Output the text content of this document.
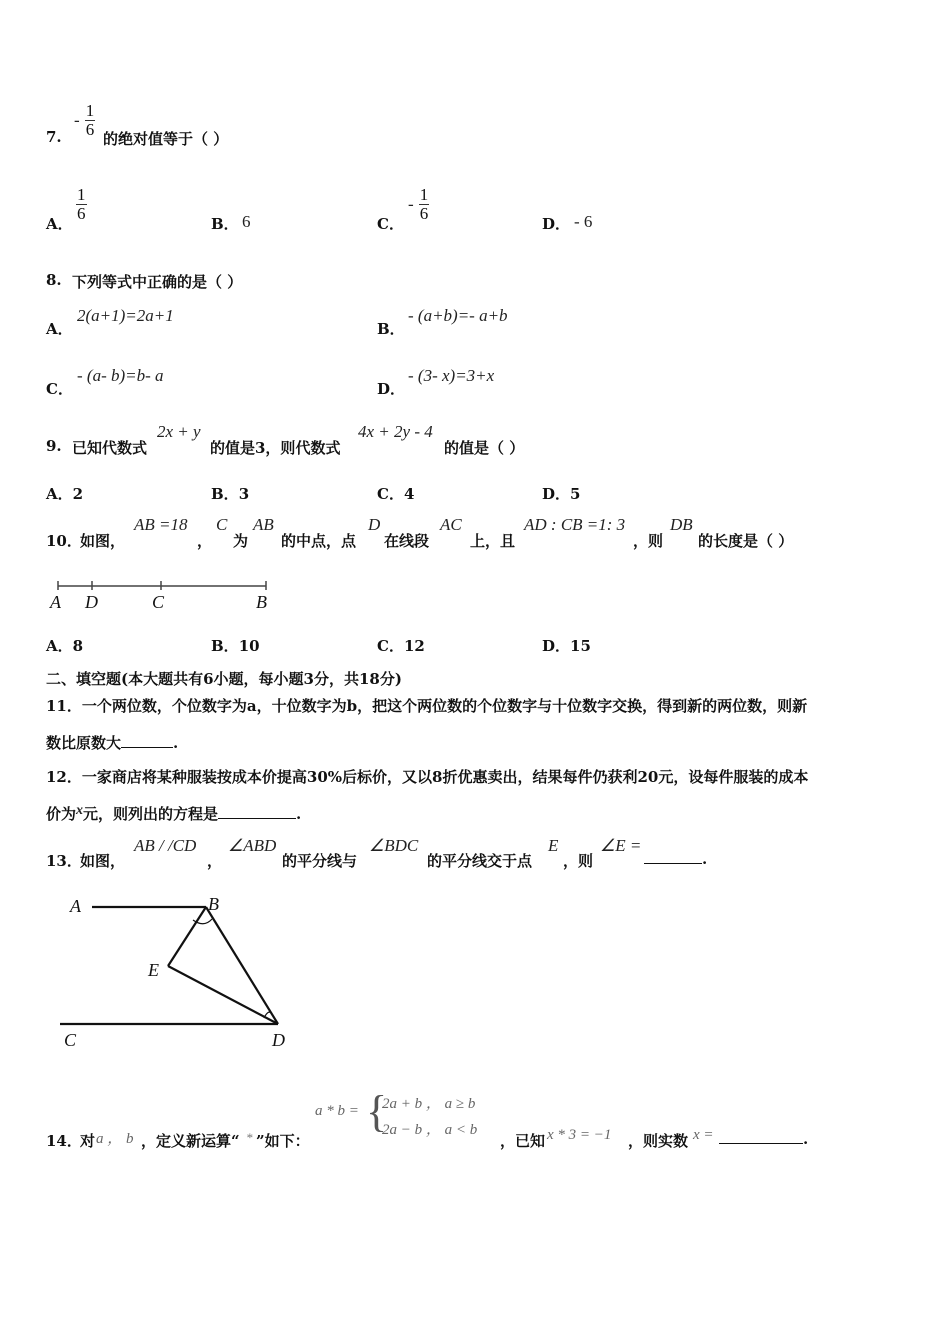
7.
- $\frac{1}{6}$ 的绝对值等于（ ）
A．
$\frac{1}{6}$
B． 6	C．
- $\frac{1}{6}$
D． - 6
8. 下列等式中正确的是（ ）
A．
2(a+1)=2a+1
B．
- (a+b)=- a+b
C．
- (a- b)=b- a
D．
- (3- x)=3+x
9. 已知代数式
2x + y
的值是3，则代数式
4x + 2y - 4
的值是（ ）
A．2	B．3	C．4	D．5
10．
如图，
AB =18
，
C
为
AB
的中点，点
D
在线段
AC
上，且
AD : CB =1: 3
，则
DB
的长度是（ ）
A D	C	B
A．8	B．10	C．12	D．15
二、填空题(本大题共有6小题，每小题3分，共18分)
11．一个两位数，个位数字为a，十位数字为b，把这个两位数的个位数字与十位数字交换，得到新的两位数，则新
数比原数大	.
12．一家商店将某种服装按成本价提高30%后标价，又以8折优惠卖出，结果每件仍获利20元，设每件服装的成本
价为x元，则列出的方程是	.
13．
如图，
AB / /CD
，
∠ABD
的平分线与
∠BDC
的平分线交于点
E
，则
∠E =
.
A	B
E
C	D
14．
对 a ， b ，定义新运算“ * ”如下：
a * b = {
2a + b ， a ≥ b
2a − b ， a < b
，已知 x * 3 = −1 ，则实数 x =	.
